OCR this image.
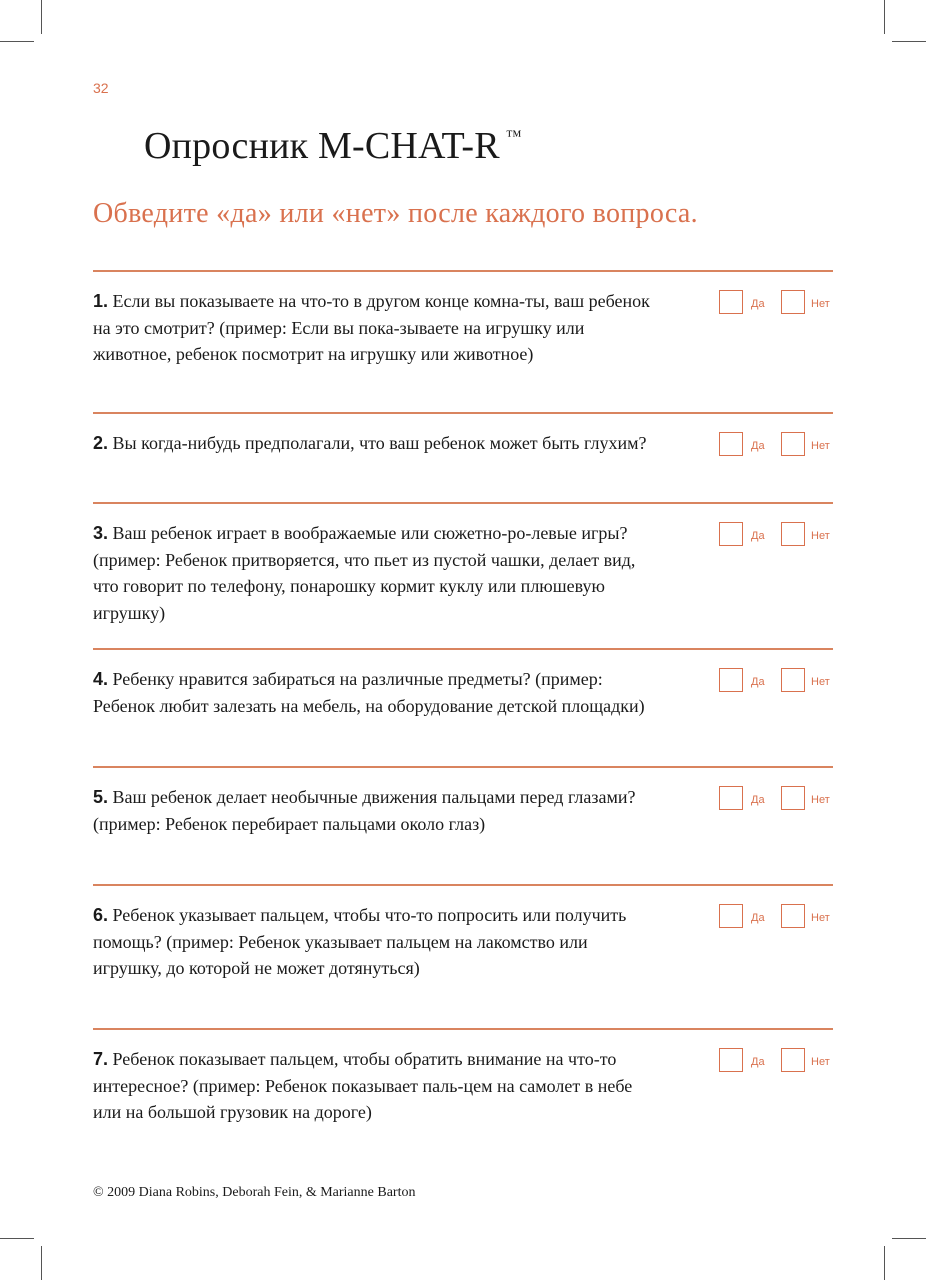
32
Опросник M-CHAT-R ™

Обведите «да» или «нет» после каждого вопроса.

1. Если вы показываете на что-то в другом конце комна-ты, ваш ребенок на это смотрит? (пример: Если вы пока-зываете на игрушку или животное, ребенок посмотрит на игрушку или животное)
Да	Нет
2. Вы когда-нибудь предполагали, что ваш ребенок может быть глухим?	Да	Нет
3. Ваш ребенок играет в воображаемые или сюжетно-ро-левые игры? (пример: Ребенок притворяется, что пьет из пустой чашки, делает вид, что говорит по телефону, понарошку кормит куклу или плюшевую игрушку)
Да	Нет
4. Ребенку нравится забираться на различные предметы? (пример: Ребенок любит залезать на мебель, на оборудование детской площадки)
Да	Нет
5. Ваш ребенок делает необычные движения пальцами перед глазами? (пример: Ребенок перебирает пальцами около глаз)
Да	Нет
6. Ребенок указывает пальцем, чтобы что-то попросить или получить помощь? (пример: Ребенок указывает пальцем на лакомство или игрушку, до которой не может дотянуться)
Да	Нет
7. Ребенок показывает пальцем, чтобы обратить внимание на что-то интересное? (пример: Ребенок показывает паль-цем на самолет в небе или на большой грузовик на дороге)
Да	Нет
© 2009 Diana Robins, Deborah Fein, & Marianne Barton
